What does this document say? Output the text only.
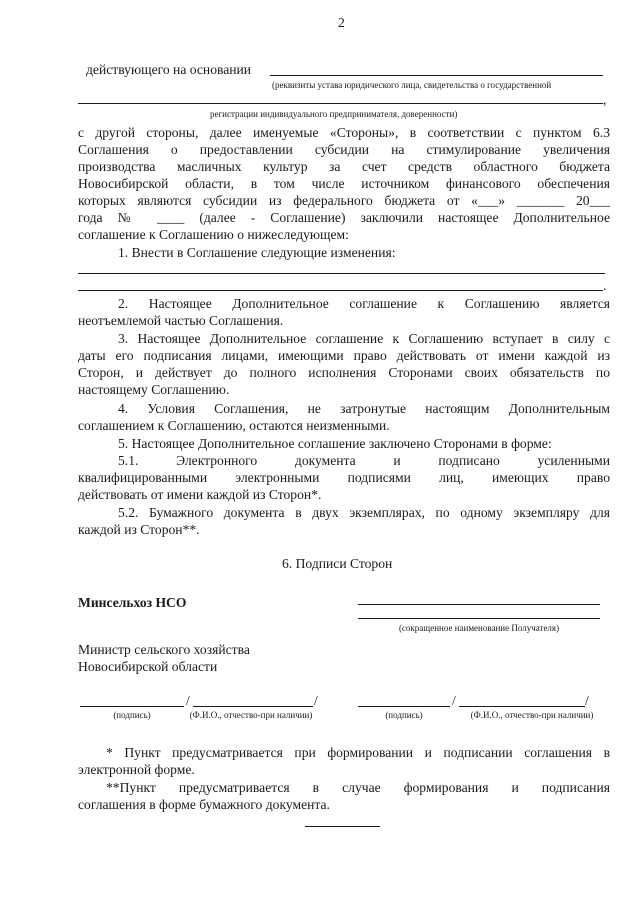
2
действующего на основании
(реквизиты устава юридического лица, свидетельства о государственной
,
регистрации индивидуального предпринимателя, доверенности)
с другой стороны, далее именуемые «Стороны», в соответствии с пунктом 6.3
Соглашения о предоставлении субсидии на стимулирование увеличения
производства масличных культур за счет средств областного бюджета
Новосибирской области, в том числе источником финансового обеспечения
которых являются субсидии из федерального бюджета от «___» _______ 20___
года № ____ (далее - Соглашение) заключили настоящее Дополнительное
соглашение к Соглашению о нижеследующем:
1. Внести в Соглашение следующие изменения:
.
2. Настоящее Дополнительное соглашение к Соглашению является
неотъемлемой частью Соглашения.
3. Настоящее Дополнительное соглашение к Соглашению вступает в силу с
даты его подписания лицами, имеющими право действовать от имени каждой из
Сторон, и действует до полного исполнения Сторонами своих обязательств по
настоящему Соглашению.
4. Условия Соглашения, не затронутые настоящим Дополнительным
соглашением к Соглашению, остаются неизменными.
5. Настоящее Дополнительное соглашение заключено Сторонами в форме:
5.1. Электронного документа и подписано усиленными
квалифицированными электронными подписями лиц, имеющих право
действовать от имени каждой из Сторон*.
5.2. Бумажного документа в двух экземплярах, по одному экземпляру для
каждой из Сторон**.
6. Подписи Сторон
Минсельхоз НСО
(сокращенное наименование Получателя)
Министр сельского хозяйства
Новосибирской области
/	/
(подпись)	(Ф.И.О., отчество-при наличии)
/	/
(подпись)	(Ф.И.О., отчество-при наличии)
* Пункт предусматривается при формировании и подписании соглашения в
электронной форме.
**Пункт предусматривается в случае формирования и подписания
соглашения в форме бумажного документа.
